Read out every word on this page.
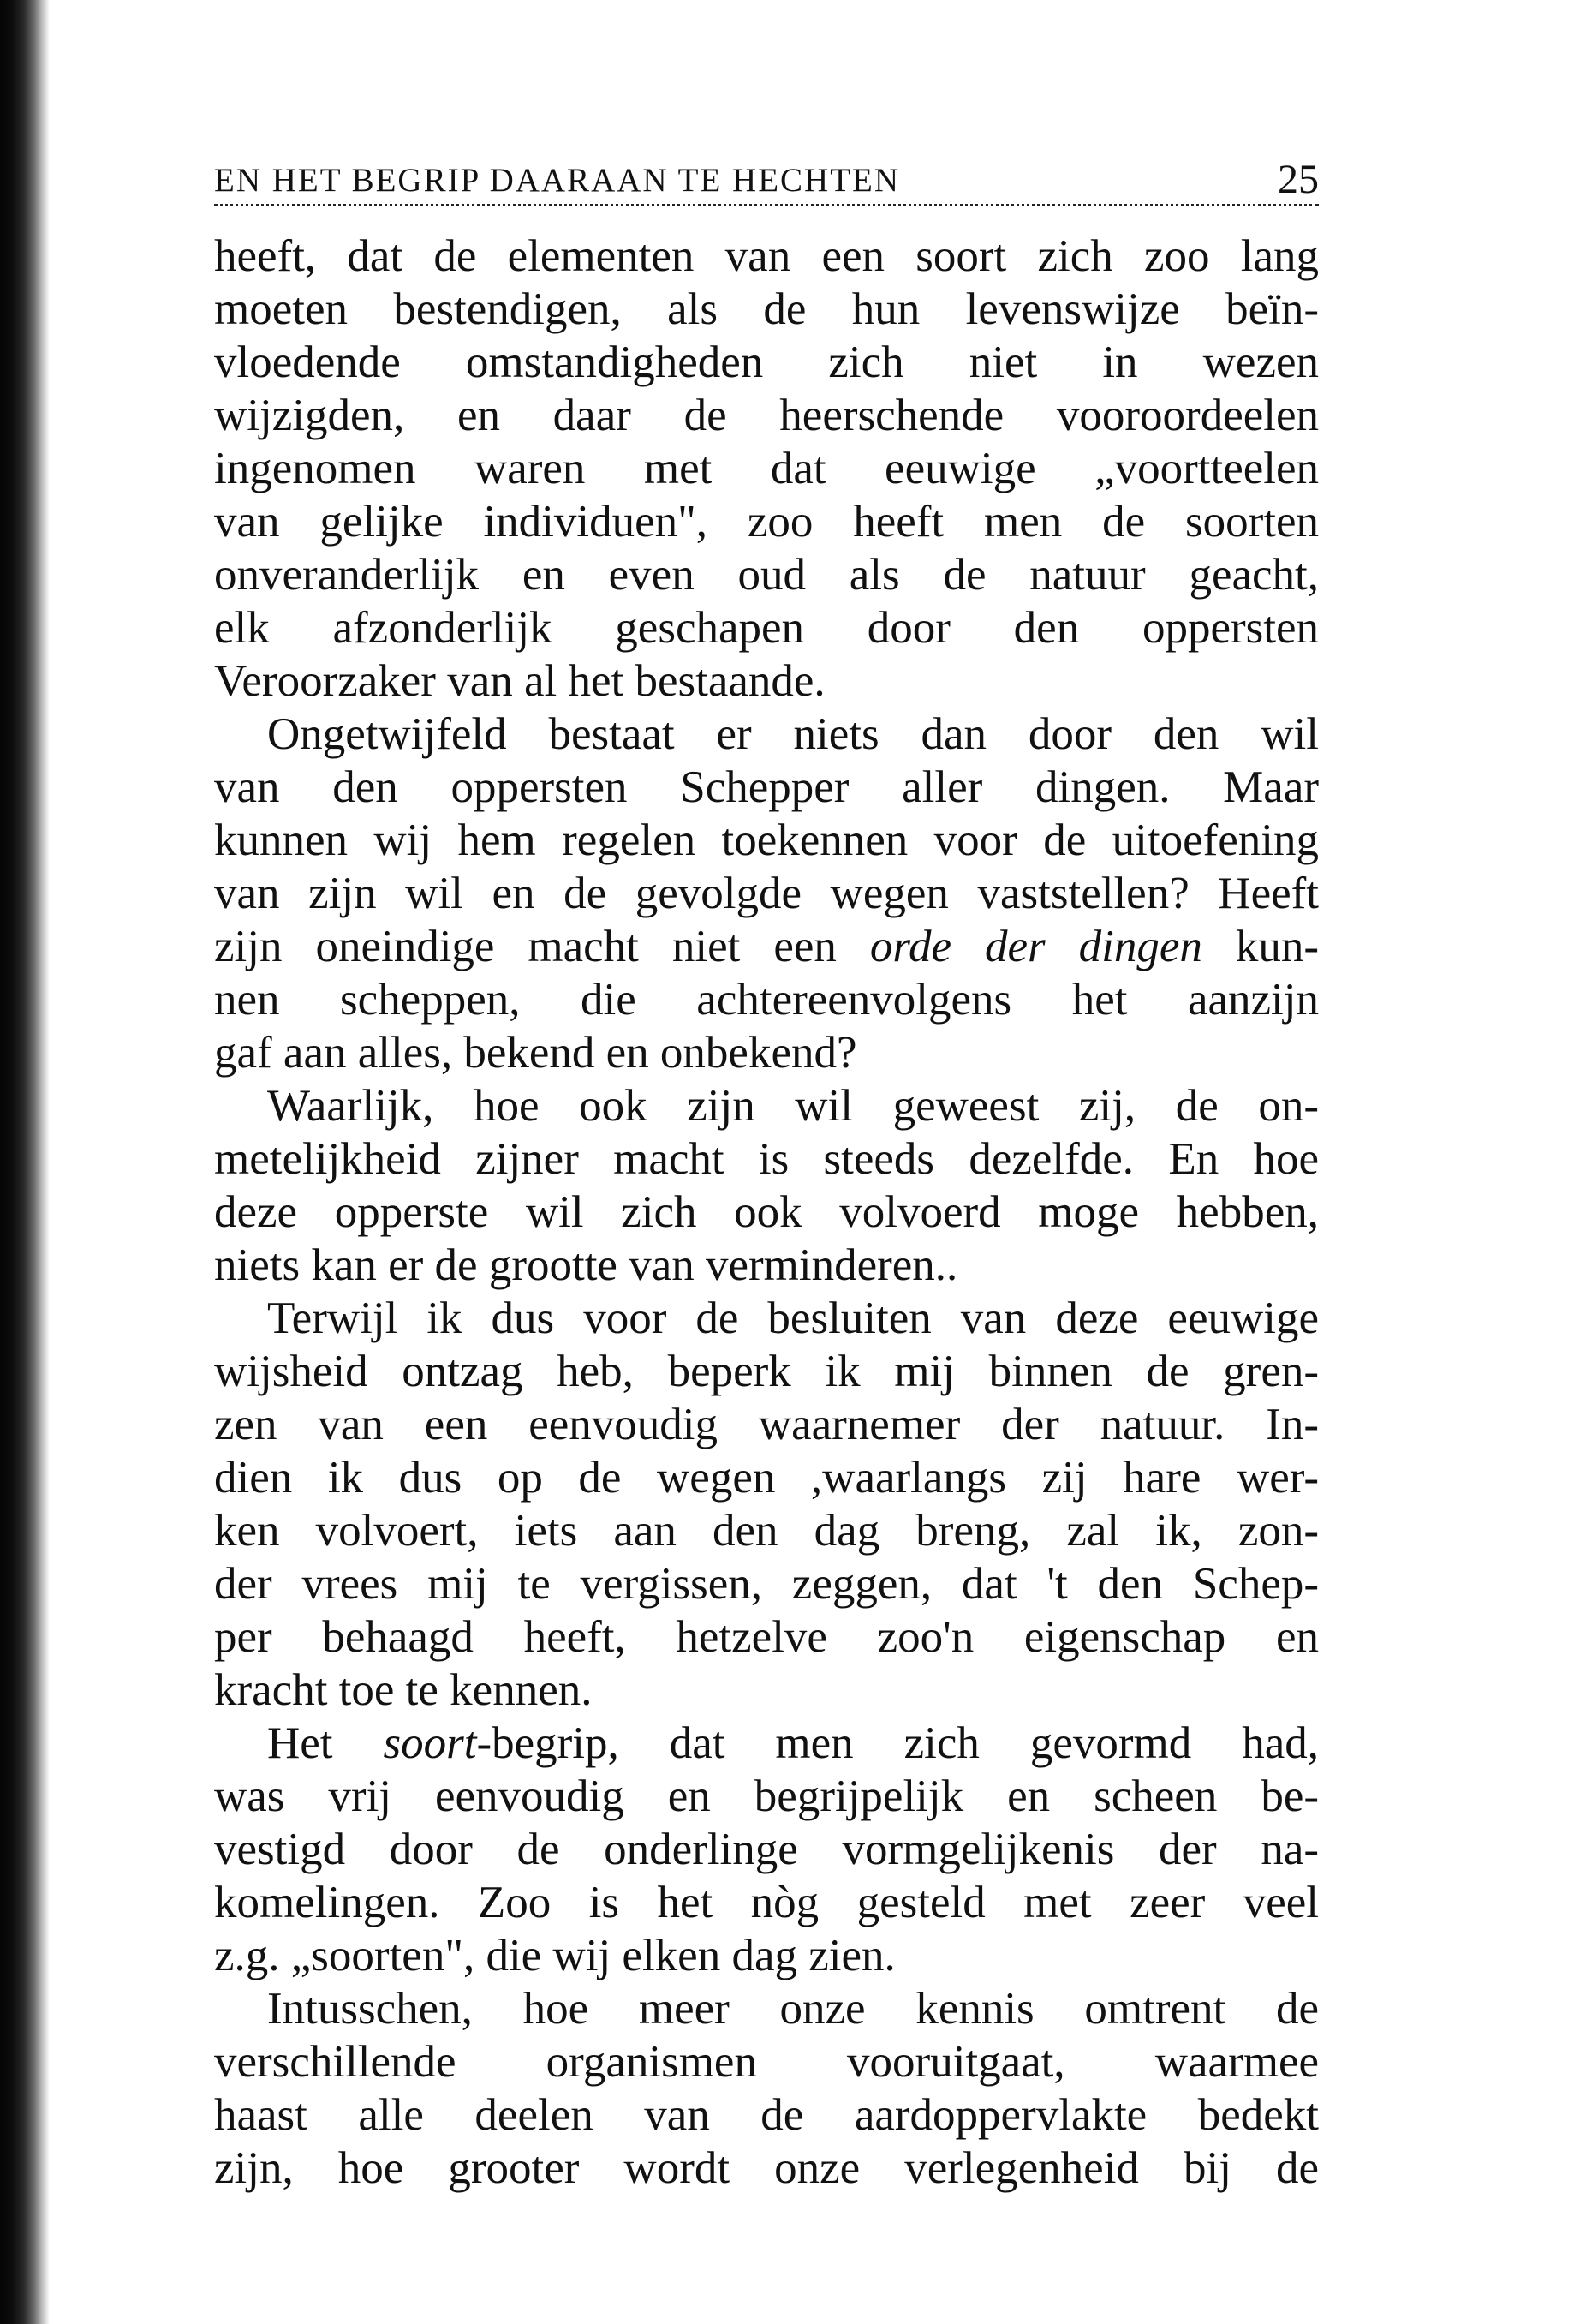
EN HET BEGRIP DAARAAN TE HECHTEN	25

heeft, dat de elementen van een soort zich zoo lang
moeten bestendigen, als de hun levenswijze beïn-
vloedende omstandigheden zich niet in wezen
wijzigden, en daar de heerschende vooroordeelen
ingenomen waren met dat eeuwige „voortteelen
van gelijke individuen", zoo heeft men de soorten
onveranderlijk en even oud als de natuur geacht,
elk afzonderlijk geschapen door den oppersten
Veroorzaker van al het bestaande.

Ongetwijfeld bestaat er niets dan door den wil
van den oppersten Schepper aller dingen. Maar
kunnen wij hem regelen toekennen voor de uitoefening
van zijn wil en de gevolgde wegen vaststellen? Heeft
zijn oneindige macht niet een orde der dingen kun-
nen scheppen, die achtereenvolgens het aanzijn
gaf aan alles, bekend en onbekend?

Waarlijk, hoe ook zijn wil geweest zij, de on-
metelijkheid zijner macht is steeds dezelfde. En hoe
deze opperste wil zich ook volvoerd moge hebben,
niets kan er de grootte van verminderen..

Terwijl ik dus voor de besluiten van deze eeuwige
wijsheid ontzag heb, beperk ik mij binnen de gren-
zen van een eenvoudig waarnemer der natuur. In-
dien ik dus op de wegen ,waarlangs zij hare wer-
ken volvoert, iets aan den dag breng, zal ik, zon-
der vrees mij te vergissen, zeggen, dat 't den Schep-
per behaagd heeft, hetzelve zoo'n eigenschap en
kracht toe te kennen.

Het soort-begrip, dat men zich gevormd had,
was vrij eenvoudig en begrijpelijk en scheen be-
vestigd door de onderlinge vormgelijkenis der na-
komelingen. Zoo is het nòg gesteld met zeer veel
z.g. „soorten", die wij elken dag zien.

Intusschen, hoe meer onze kennis omtrent de
verschillende organismen vooruitgaat, waarmee
haast alle deelen van de aardoppervlakte bedekt
zijn, hoe grooter wordt onze verlegenheid bij de
